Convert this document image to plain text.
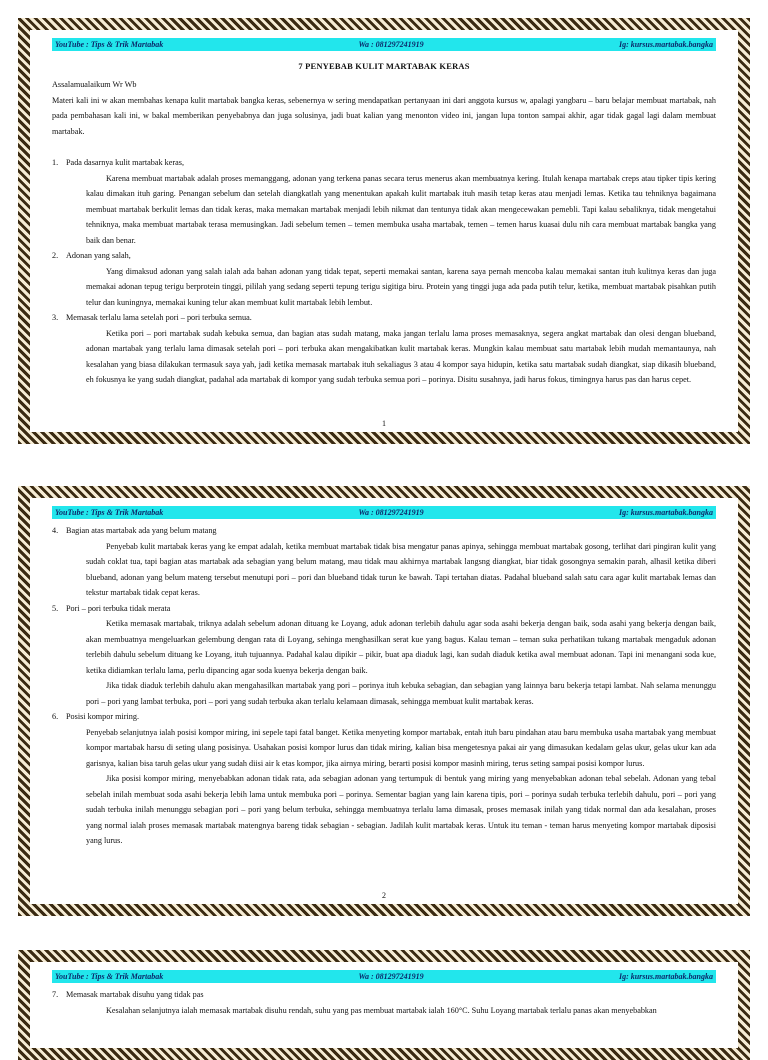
YouTube : Tips & Trik Martabak	Wa : 081297241919	Ig: kursus.martabak.bangka
7 PENYEBAB KULIT MARTABAK KERAS

Assalamualaikum Wr Wb

Materi kali ini w akan membahas kenapa kulit martabak bangka keras, sebenernya w sering mendapatkan pertanyaan ini dari anggota kursus w, apalagi yangbaru – baru belajar membuat martabak, nah pada pembahasan kali ini, w bakal memberikan penyebabnya dan juga solusinya, jadi buat kalian yang menonton video ini, jangan lupa tonton sampai akhir, agar tidak gagal lagi dalam membuat martabak.

1. Pada dasarnya kulit martabak keras,

Karena membuat martabak adalah proses memanggang, adonan yang terkena panas secara terus menerus akan membuatnya kering. Itulah kenapa martabak creps atau tipker tipis kering kalau dimakan ituh garing. Penangan sebelum dan setelah diangkatlah yang menentukan apakah kulit martabak ituh masih tetap keras atau menjadi lemas. Ketika tau tehniknya bagaimana membuat martabak berkulit lemas dan tidak keras, maka memakan martabak menjadi lebih nikmat dan tentunya tidak akan mengecewakan pemebli. Tapi kalau sebaliknya, tidak mengetahui tehniknya, maka membuat martabak terasa memusingkan. Jadi sebelum temen – temen membuka usaha martabak, temen – temen harus kuasai dulu nih cara membuat martabak bangka yang baik dan benar.

2. Adonan yang salah,

Yang dimaksud adonan yang salah ialah ada bahan adonan yang tidak tepat, seperti memakai santan, karena saya pernah mencoba kalau memakai santan ituh kulitnya keras dan juga memakai adonan tepug terigu berprotein tinggi, pililah yang sedang seperti tepung terigu sigitiga biru. Protein yang tinggi juga ada pada putih telur, ketika, membuat martabak pisahkan putih telur dan kuningnya, memakai kuning telur akan membuat kulit martabak lebih lembut.

3. Memasak terlalu lama setelah pori – pori terbuka semua.

Ketika pori – pori martabak sudah kebuka semua, dan bagian atas sudah matang, maka jangan terlalu lama proses memasaknya, segera angkat martabak dan olesi dengan blueband, adonan martabak yang terlalu lama dimasak setelah pori – pori terbuka akan mengakibatkan kulit martabak keras. Mungkin kalau membuat satu martabak lebih mudah memantaunya, nah kesalahan yang biasa dilakukan termasuk saya yah, jadi ketika memasak martabak ituh sekaliagus 3 atau 4 kompor saya hidupin, ketika satu martabak sudah diangkat, siap dikasih blueband, eh fokusnya ke yang sudah diangkat, padahal ada martabak di kompor yang sudah terbuka semua pori – porinya. Disitu susahnya, jadi harus fokus, timingnya harus pas dan harus cepet.

1
YouTube : Tips & Trik Martabak	Wa : 081297241919	Ig: kursus.martabak.bangka
4. Bagian atas martabak ada yang belum matang

Penyebab kulit martabak keras yang ke empat adalah, ketika membuat martabak tidak bisa mengatur panas apinya, sehingga membuat martabak gosong, terlihat dari pingiran kulit yang sudah coklat tua, tapi bagian atas martabak ada sebagian yang belum matang, mau tidak mau akhirnya martabak langsng diangkat, biar tidak gosongnya semakin parah, alhasil ketika diberi blueband, adonan yang belum mateng tersebut menutupi pori – pori dan blueband tidak turun ke bawah. Tapi tertahan diatas. Padahal blueband salah satu cara agar kulit martabak lemas dan tekstur martabak tidak cepat keras.

5. Pori – pori terbuka tidak merata

Ketika memasak martabak, triknya adalah sebelum adonan dituang ke Loyang, aduk adonan terlebih dahulu agar soda asahi bekerja dengan baik, soda asahi yang bekerja dengan baik, akan membuatnya mengeluarkan gelembung dengan rata di Loyang, sehinga menghasilkan serat kue yang bagus. Kalau teman – teman suka perhatikan tukang martabak mengaduk adonan terlebih dahulu sebelum dituang ke Loyang, ituh tujuannya. Padahal kalau dipikir – pikir, buat apa diaduk lagi, kan sudah diaduk ketika awal membuat adonan. Tapi ini menangani soda kue, ketika didiamkan terlalu lama, perlu dipancing agar soda kuenya bekerja dengan baik.

Jika tidak diaduk terlebih dahulu akan mengahasilkan martabak yang pori – porinya ituh kebuka sebagian, dan sebagian yang lainnya baru bekerja tetapi lambat. Nah selama menunggu pori – pori yang lambat terbuka, pori – pori yang sudah terbuka akan terlalu kelamaan dimasak, sehingga membuat kulit martabak keras.

6. Posisi kompor miring.

Penyebab selanjutnya ialah posisi kompor miring, ini sepele tapi fatal banget. Ketika menyeting kompor martabak, entah ituh baru pindahan atau baru membuka usaha martabak yang membuat kompor martabak harsu di seting ulang posisinya. Usahakan posisi kompor lurus dan tidak miring, kalian bisa mengetesnya pakai air yang dimasukan kedalam gelas ukur, gelas ukur kan ada garisnya, kalian bisa taruh gelas ukur yang sudah diisi air k etas kompor, jika airnya miring, berarti posisi kompor masinh miring, terus seting sampai posisi kompor lurus.

Jika posisi kompor miring, menyebabkan adonan tidak rata, ada sebagian adonan yang tertumpuk di bentuk yang miring yang menyebabkan adonan tebal sebelah. Adonan yang tebal sebelah inilah membuat soda asahi bekerja lebih lama untuk membuka pori – porinya. Sementar bagian yang lain karena tipis, pori – porinya sudah terbuka terlebih dahulu, pori – pori yang sudah terbuka inilah menunggu sebagian pori – pori yang belum terbuka, sehingga membuatnya terlalu lama dimasak, proses memasak inilah yang tidak normal dan ada kesalahan, proses yang normal ialah proses memasak martabak matengnya bareng tidak sebagian - sebagian. Jadilah kulit martabak keras. Untuk itu teman - teman harus menyeting kompor martabak diposisi yang lurus.

2
YouTube : Tips & Trik Martabak	Wa : 081297241919	Ig: kursus.martabak.bangka
7. Memasak martabak disuhu yang tidak pas

Kesalahan selanjutnya ialah memasak martabak disuhu rendah, suhu yang pas membuat martabak ialah 160°C. Suhu Loyang martabak terlalu panas akan menyebabkan
